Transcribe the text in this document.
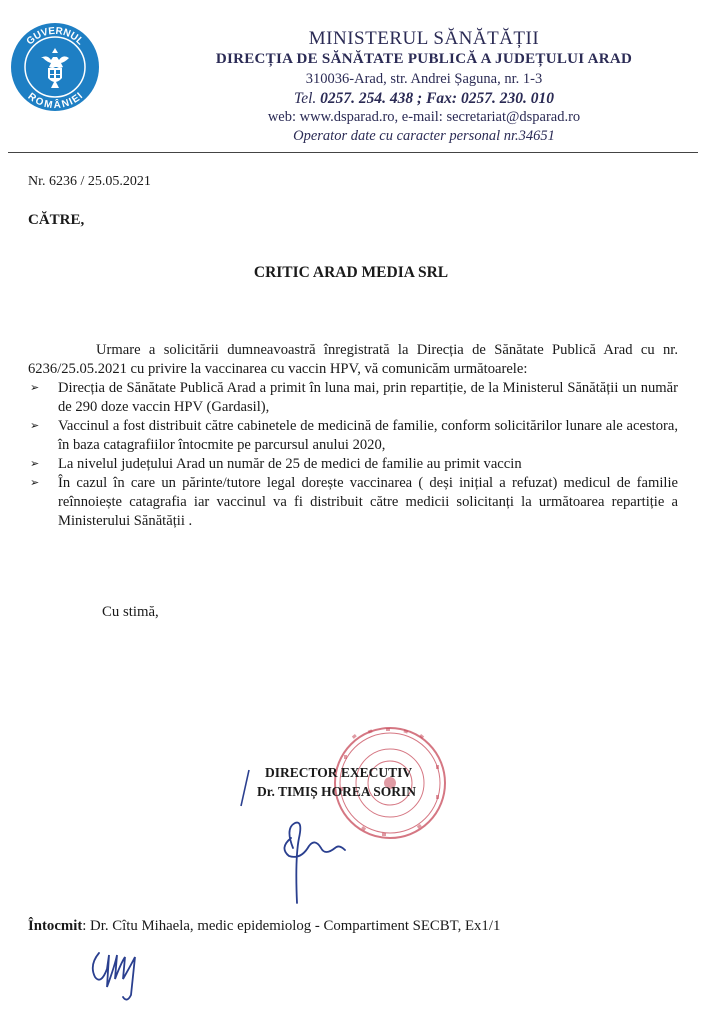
GUVERNUL
ROMÂNIEI
MINISTERUL SĂNĂTĂȚII
DIRECȚIA DE SĂNĂTATE PUBLICĂ A JUDEȚULUI ARAD
310036-Arad, str. Andrei Șaguna, nr. 1-3
Tel. 0257. 254. 438 ; Fax: 0257. 230. 010
web: www.dsparad.ro, e-mail: secretariat@dsparad.ro
Operator date cu caracter personal nr.34651
Nr. 6236 / 25.05.2021
CĂTRE,
CRITIC ARAD MEDIA SRL
Urmare a solicitării dumneavoastră înregistrată la Direcția de Sănătate Publică Arad cu nr. 6236/25.05.2021 cu privire la vaccinarea cu vaccin HPV, vă comunicăm următoarele:
➢ Direcția de Sănătate Publică Arad a primit în luna mai, prin repartiție, de la Ministerul Sănătății un număr de 290 doze vaccin HPV (Gardasil),
➢ Vaccinul a fost distribuit către cabinetele de medicină de familie, conform solicitărilor lunare ale acestora, în baza catagrafiilor întocmite pe parcursul anului 2020,
➢ La nivelul județului Arad un număr de 25 de medici de familie au primit vaccin
➢ În cazul în care un părinte/tutore legal dorește vaccinarea ( deși inițial a refuzat) medicul de familie reînnoiește catagrafia iar vaccinul va fi distribuit către medicii solicitanți la următoarea repartiție a Ministerului Sănătății .
Cu stimă,
DIRECTOR EXECUTIV
Dr. TIMIȘ HOREA SORIN
Întocmit: Dr. Cîtu Mihaela, medic epidemiolog - Compartiment SECBT, Ex1/1
